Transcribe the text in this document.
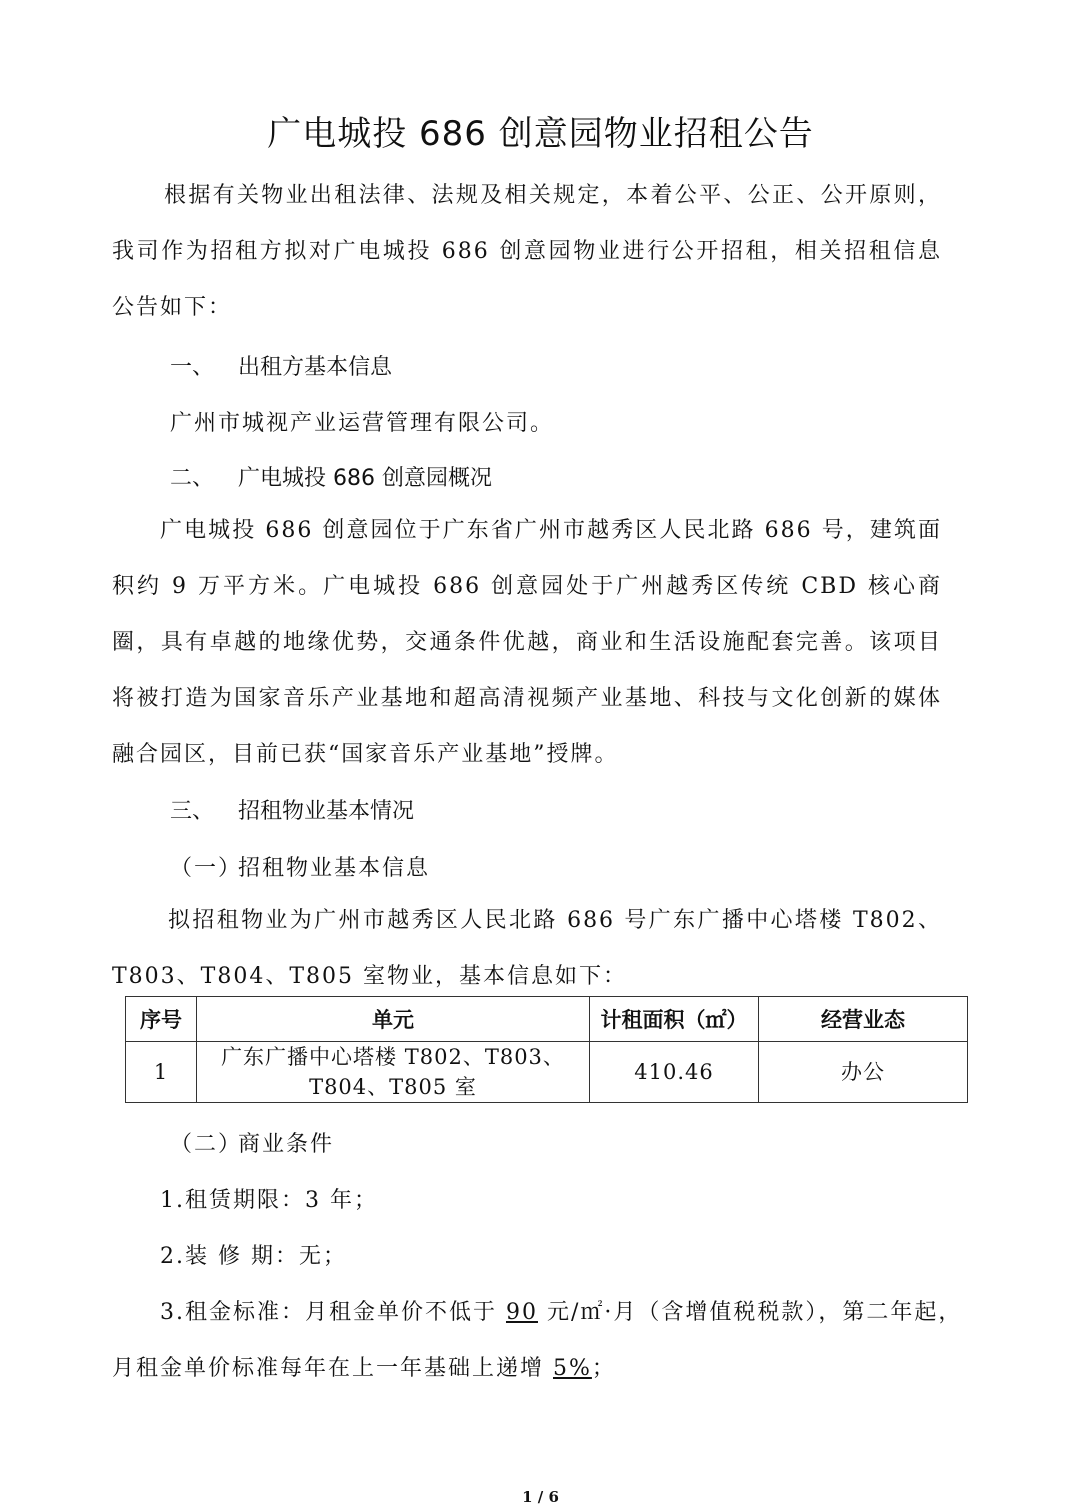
广电城投 686 创意园物业招租公告
根据有关物业出租法律、法规及相关规定，本着公平、公正、公开原则，我司作为招租方拟对广电城投 686 创意园物业进行公开招租，相关招租信息公告如下：
一、 出租方基本信息
广州市城视产业运营管理有限公司。
二、 广电城投 686 创意园概况
广电城投 686 创意园位于广东省广州市越秀区人民北路 686 号，建筑面积约 9 万平方米。广电城投 686 创意园处于广州越秀区传统 CBD 核心商圈，具有卓越的地缘优势，交通条件优越，商业和生活设施配套完善。该项目将被打造为国家音乐产业基地和超高清视频产业基地、科技与文化创新的媒体融合园区，目前已获“国家音乐产业基地”授牌。
三、 招租物业基本情况
（一）招租物业基本信息
拟招租物业为广州市越秀区人民北路 686 号广东广播中心塔楼 T802、T803、T804、T805 室物业，基本信息如下：
序号	单元	计租面积（㎡）	经营业态
1	广东广播中心塔楼 T802、T803、T804、T805 室	410.46	办公
（二）商业条件
1.租赁期限：3 年；
2.装 修 期：无；
3.租金标准：月租金单价不低于 90 元/㎡·月（含增值税税款），第二年起，
月租金单价标准每年在上一年基础上递增 5%；
1 / 6
